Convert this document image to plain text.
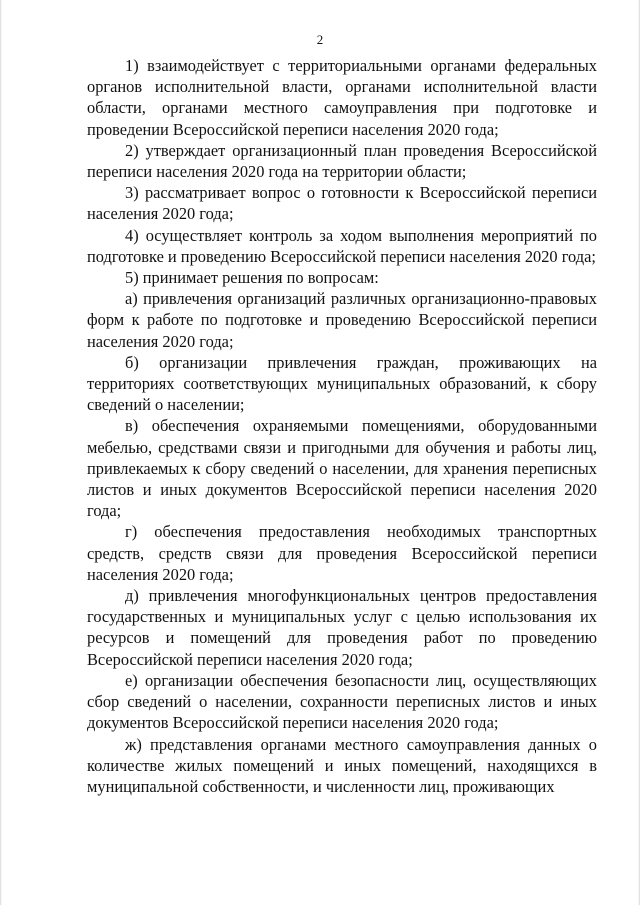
2

1) взаимодействует с территориальными органами федеральных органов исполнительной власти, органами исполнительной власти области, органами местного самоуправления при подготовке и проведении Всероссийской переписи населения 2020 года;

2) утверждает организационный план проведения Всероссийской переписи населения 2020 года на территории области;

3) рассматривает вопрос о готовности к Всероссийской переписи населения 2020 года;

4) осуществляет контроль за ходом выполнения мероприятий по подготовке и проведению Всероссийской переписи населения 2020 года;

5) принимает решения по вопросам:

а) привлечения организаций различных организационно-правовых форм к работе по подготовке и проведению Всероссийской переписи населения 2020 года;

б) организации привлечения граждан, проживающих на территориях соответствующих муниципальных образований, к сбору сведений о населении;

в) обеспечения охраняемыми помещениями, оборудованными мебелью, средствами связи и пригодными для обучения и работы лиц, привлекаемых к сбору сведений о населении, для хранения переписных листов и иных документов Всероссийской переписи населения 2020 года;

г) обеспечения предоставления необходимых транспортных средств, средств связи для проведения Всероссийской переписи населения 2020 года;

д) привлечения многофункциональных центров предоставления государственных и муниципальных услуг с целью использования их ресурсов и помещений для проведения работ по проведению Всероссийской переписи населения 2020 года;

е) организации обеспечения безопасности лиц, осуществляющих сбор сведений о населении, сохранности переписных листов и иных документов Всероссийской переписи населения 2020 года;

ж) представления органами местного самоуправления данных о количестве жилых помещений и иных помещений, находящихся в муниципальной собственности, и численности лиц, проживающих
